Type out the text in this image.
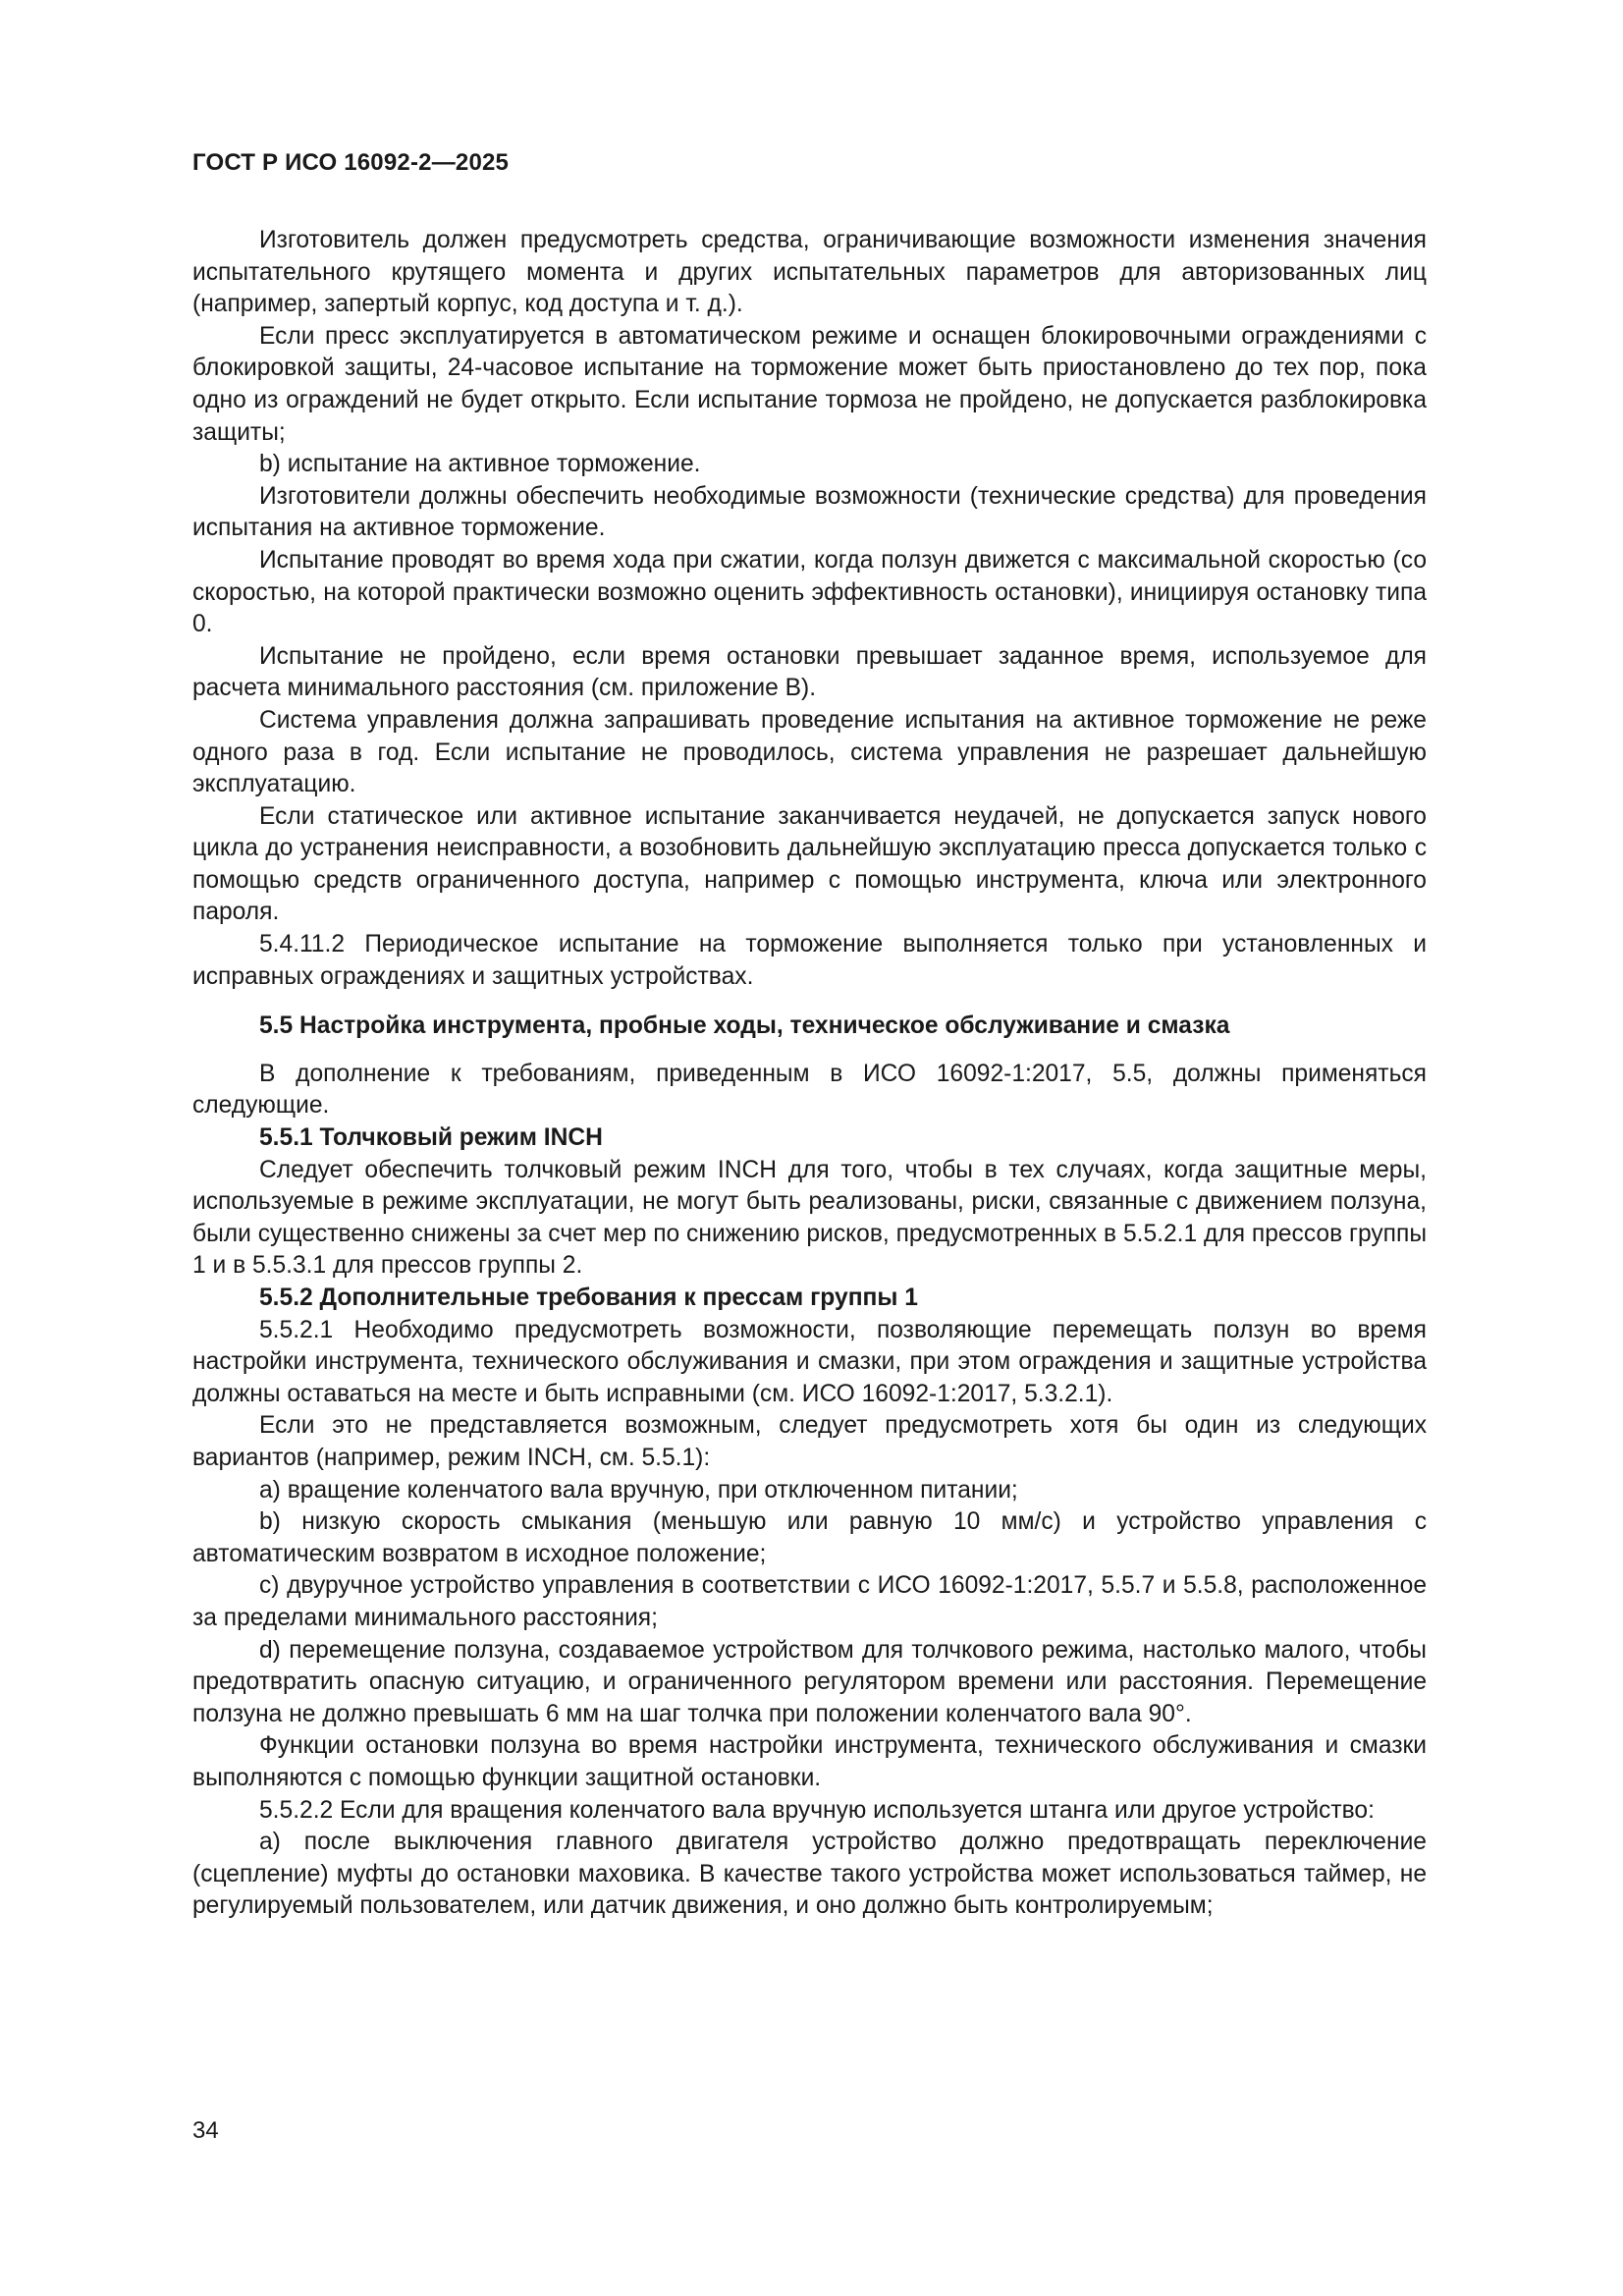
ГОСТ Р ИСО 16092-2—2025

Изготовитель должен предусмотреть средства, ограничивающие возможности изменения значения испытательного крутящего момента и других испытательных параметров для авторизованных лиц (например, запертый корпус, код доступа и т. д.).

Если пресс эксплуатируется в автоматическом режиме и оснащен блокировочными ограждениями с блокировкой защиты, 24-часовое испытание на торможение может быть приостановлено до тех пор, пока одно из ограждений не будет открыто. Если испытание тормоза не пройдено, не допускается разблокировка защиты;

b) испытание на активное торможение.

Изготовители должны обеспечить необходимые возможности (технические средства) для проведения испытания на активное торможение.

Испытание проводят во время хода при сжатии, когда ползун движется с максимальной скоростью (со скоростью, на которой практически возможно оценить эффективность остановки), инициируя остановку типа 0.

Испытание не пройдено, если время остановки превышает заданное время, используемое для расчета минимального расстояния (см. приложение B).

Система управления должна запрашивать проведение испытания на активное торможение не реже одного раза в год. Если испытание не проводилось, система управления не разрешает дальнейшую эксплуатацию.

Если статическое или активное испытание заканчивается неудачей, не допускается запуск нового цикла до устранения неисправности, а возобновить дальнейшую эксплуатацию пресса допускается только с помощью средств ограниченного доступа, например с помощью инструмента, ключа или электронного пароля.

5.4.11.2 Периодическое испытание на торможение выполняется только при установленных и исправных ограждениях и защитных устройствах.

5.5 Настройка инструмента, пробные ходы, техническое обслуживание и смазка

В дополнение к требованиям, приведенным в ИСО 16092-1:2017, 5.5, должны применяться следующие.

5.5.1 Толчковый режим INCH

Следует обеспечить толчковый режим INCH для того, чтобы в тех случаях, когда защитные меры, используемые в режиме эксплуатации, не могут быть реализованы, риски, связанные с движением ползуна, были существенно снижены за счет мер по снижению рисков, предусмотренных в 5.5.2.1 для прессов группы 1 и в 5.5.3.1 для прессов группы 2.

5.5.2 Дополнительные требования к прессам группы 1

5.5.2.1 Необходимо предусмотреть возможности, позволяющие перемещать ползун во время настройки инструмента, технического обслуживания и смазки, при этом ограждения и защитные устройства должны оставаться на месте и быть исправными (см. ИСО 16092-1:2017, 5.3.2.1).

Если это не представляется возможным, следует предусмотреть хотя бы один из следующих вариантов (например, режим INCH, см. 5.5.1):

a) вращение коленчатого вала вручную, при отключенном питании;

b) низкую скорость смыкания (меньшую или равную 10 мм/с) и устройство управления с автоматическим возвратом в исходное положение;

c) двуручное устройство управления в соответствии с ИСО 16092-1:2017, 5.5.7 и 5.5.8, расположенное за пределами минимального расстояния;

d) перемещение ползуна, создаваемое устройством для толчкового режима, настолько малого, чтобы предотвратить опасную ситуацию, и ограниченного регулятором времени или расстояния. Перемещение ползуна не должно превышать 6 мм на шаг толчка при положении коленчатого вала 90°.

Функции остановки ползуна во время настройки инструмента, технического обслуживания и смазки выполняются с помощью функции защитной остановки.

5.5.2.2 Если для вращения коленчатого вала вручную используется штанга или другое устройство:

a) после выключения главного двигателя устройство должно предотвращать переключение (сцепление) муфты до остановки маховика. В качестве такого устройства может использоваться таймер, не регулируемый пользователем, или датчик движения, и оно должно быть контролируемым;

34
